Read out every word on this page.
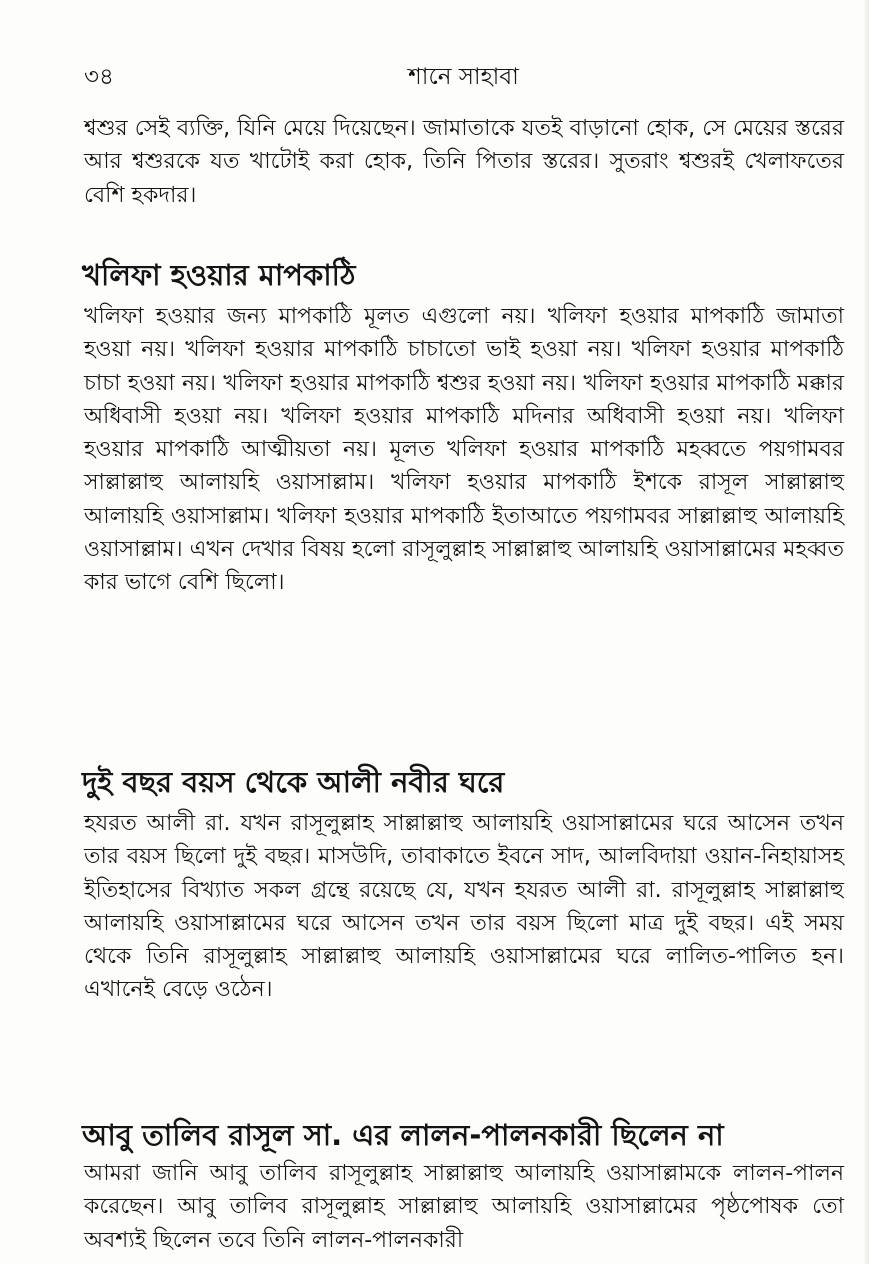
৩৪	শানে সাহাবা

শ্বশুর সেই ব্যক্তি, যিনি মেয়ে দিয়েছেন। জামাতাকে যতই বাড়ানো হোক, সে মেয়ের স্তরের আর শ্বশুরকে যত খাটোই করা হোক, তিনি পিতার স্তরের। সুতরাং শ্বশুরই খেলাফতের বেশি হকদার।

খলিফা হওয়ার মাপকাঠি

খলিফা হওয়ার জন্য মাপকাঠি মূলত এগুলো নয়। খলিফা হওয়ার মাপকাঠি জামাতা হওয়া নয়। খলিফা হওয়ার মাপকাঠি চাচাতো ভাই হওয়া নয়। খলিফা হওয়ার মাপকাঠি চাচা হওয়া নয়। খলিফা হওয়ার মাপকাঠি শ্বশুর হওয়া নয়। খলিফা হওয়ার মাপকাঠি মক্কার অধিবাসী হওয়া নয়। খলিফা হওয়ার মাপকাঠি মদিনার অধিবাসী হওয়া নয়। খলিফা হওয়ার মাপকাঠি আত্মীয়তা নয়। মূলত খলিফা হওয়ার মাপকাঠি মহব্বতে পয়গামবর সাল্লাল্লাহু আলায়হি ওয়াসাল্লাম। খলিফা হওয়ার মাপকাঠি ইশকে রাসূল সাল্লাল্লাহু আলায়হি ওয়াসাল্লাম। খলিফা হওয়ার মাপকাঠি ইতাআতে পয়গামবর সাল্লাল্লাহু আলায়হি ওয়াসাল্লাম। এখন দেখার বিষয় হলো রাসূলুল্লাহ সাল্লাল্লাহু আলায়হি ওয়াসাল্লামের মহব্বত কার ভাগে বেশি ছিলো।

দুই বছর বয়স থেকে আলী নবীর ঘরে

হযরত আলী রা. যখন রাসূলুল্লাহ সাল্লাল্লাহু আলায়হি ওয়াসাল্লামের ঘরে আসেন তখন তার বয়স ছিলো দুই বছর। মাসউদি, তাবাকাতে ইবনে সাদ, আলবিদায়া ওয়ান-নিহায়াসহ ইতিহাসের বিখ্যাত সকল গ্রন্থে রয়েছে যে, যখন হযরত আলী রা. রাসূলুল্লাহ সাল্লাল্লাহু আলায়হি ওয়াসাল্লামের ঘরে আসেন তখন তার বয়স ছিলো মাত্র দুই বছর। এই সময় থেকে তিনি রাসূলুল্লাহ সাল্লাল্লাহু আলায়হি ওয়াসাল্লামের ঘরে লালিত-পালিত হন। এখানেই বেড়ে ওঠেন।

আবু তালিব রাসূল সা. এর লালন-পালনকারী ছিলেন না

আমরা জানি আবু তালিব রাসূলুল্লাহ সাল্লাল্লাহু আলায়হি ওয়াসাল্লামকে লালন-পালন করেছেন। আবু তালিব রাসূলুল্লাহ সাল্লাল্লাহু আলায়হি ওয়াসাল্লামের পৃষ্ঠপোষক তো অবশ্যই ছিলেন তবে তিনি লালন-পালনকারী
